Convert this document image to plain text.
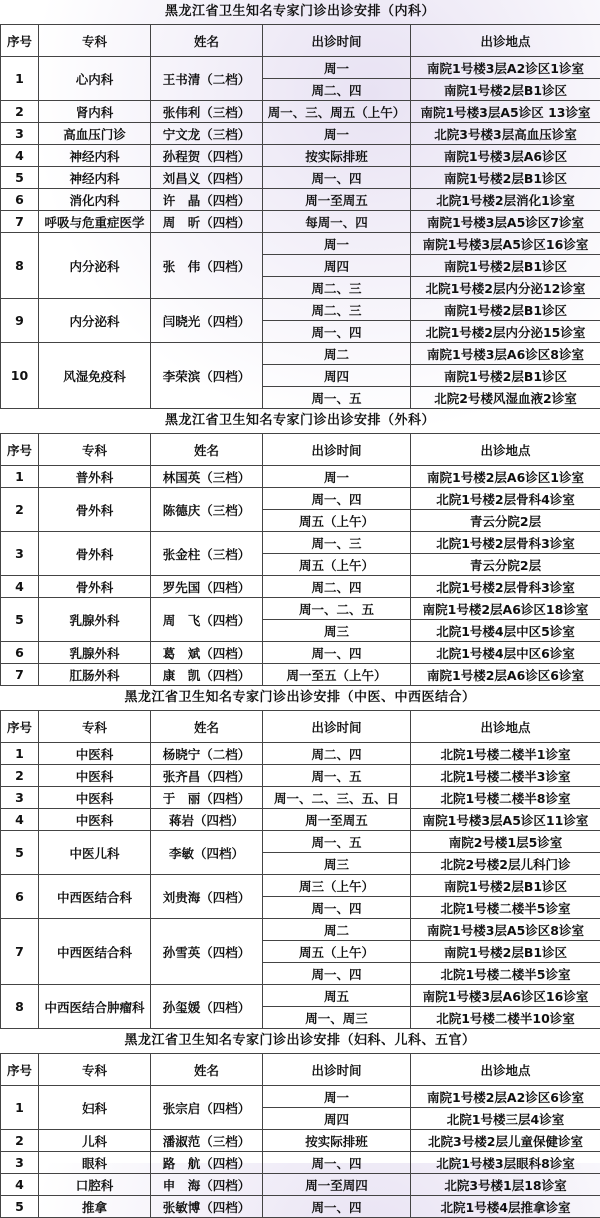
黑龙江省卫生知名专家门诊出诊安排（内科）
序号	专科	姓名	出诊时间	出诊地点
1	心内科	王书清（二档）	周一	南院1号楼3层A2诊区1诊室
			周二、四	南院1号楼2层B1诊区
2	肾内科	张伟利（三档）	周一、三、周五（上午）	南院1号楼3层A5诊区 13诊室
3	高血压门诊	宁文龙（三档）	周一	北院3号楼3层高血压诊室
4	神经内科	孙程贺（四档）	按实际排班	南院1号楼3层A6诊区
5	神经内科	刘昌义（四档）	周一、四	南院1号楼2层B1诊区
6	消化内科	许　晶（四档）	周一至周五	北院1号楼2层消化1诊室
7	呼吸与危重症医学	周　昕（四档）	每周一、四	南院1号楼3层A5诊区7诊室
8	内分泌科	张　伟（四档）	周一	南院1号楼3层A5诊区16诊室
			周四	南院1号楼2层B1诊区
			周二、三	北院1号楼2层内分泌12诊室
9	内分泌科	闫晓光（四档）	周二、三	南院1号楼2层B1诊区
			周一、四	北院1号楼2层内分泌15诊室
10	风湿免疫科	李荣滨（四档）	周二	南院1号楼3层A6诊区8诊室
			周四	南院1号楼2层B1诊区
			周一、五	北院2号楼风湿血液2诊室
黑龙江省卫生知名专家门诊出诊安排（外科）
序号	专科	姓名	出诊时间	出诊地点
1	普外科	林国英（三档）	周一	南院1号楼2层A6诊区1诊室
2	骨外科	陈德庆（三档）	周一、四	北院1号楼2层骨科4诊室
			周五（上午）	青云分院2层
3	骨外科	张金柱（三档）	周一、三	北院1号楼2层骨科3诊室
			周五（上午）	青云分院2层
4	骨外科	罗先国（四档）	周二、四	北院1号楼2层骨科3诊室
5	乳腺外科	周　飞（四档）	周一、二、五	南院1号楼2层A6诊区18诊室
			周三	北院1号楼4层中区5诊室
6	乳腺外科	葛　斌（四档）	周一、四	北院1号楼4层中区6诊室
7	肛肠外科	康　凯（四档）	周一至五（上午）	南院1号楼2层A6诊区6诊室
黑龙江省卫生知名专家门诊出诊安排（中医、中西医结合）
序号	专科	姓名	出诊时间	出诊地点
1	中医科	杨晓宁（二档）	周二、四	北院1号楼二楼半1诊室
2	中医科	张齐昌（四档）	周一、五	北院1号楼二楼半3诊室
3	中医科	于　丽（四档）	周一、二、三、五、日	北院1号楼二楼半8诊室
4	中医科	蒋岩（四档）	周一至周五	南院1号楼3层A5诊区11诊室
5	中医儿科	李敏（四档）	周一、五	南院2号楼1层5诊室
			周三	北院2号楼2层儿科门诊
6	中西医结合科	刘贵海（四档）	周三（上午）	南院1号楼2层B1诊区
			周一、四	北院1号楼二楼半5诊室
7	中西医结合科	孙雪英（四档）	周二	南院1号楼3层A5诊区8诊室
			周五（上午）	南院1号楼2层B1诊区
			周一、四	北院1号楼二楼半5诊室
8	中西医结合肿瘤科	孙玺媛（四档）	周五	南院1号楼3层A6诊区16诊室
			周一、周三	北院1号楼二楼半10诊室
黑龙江省卫生知名专家门诊出诊安排（妇科、儿科、五官）
序号	专科	姓名	出诊时间	出诊地点
1	妇科	张宗启（四档）	周一	南院1号楼2层A2诊区6诊室
			周四	北院1号楼三层4诊室
2	儿科	潘淑范（三档）	按实际排班	北院3号楼2层儿童保健诊室
3	眼科	路　航（四档）	周一、四	北院1号楼3层眼科8诊室
4	口腔科	申　海（四档）	周一至周四	北院3号楼1层18诊室
5	推拿	张敏博（四档）	周一、四	北院1号楼4层推拿诊室
